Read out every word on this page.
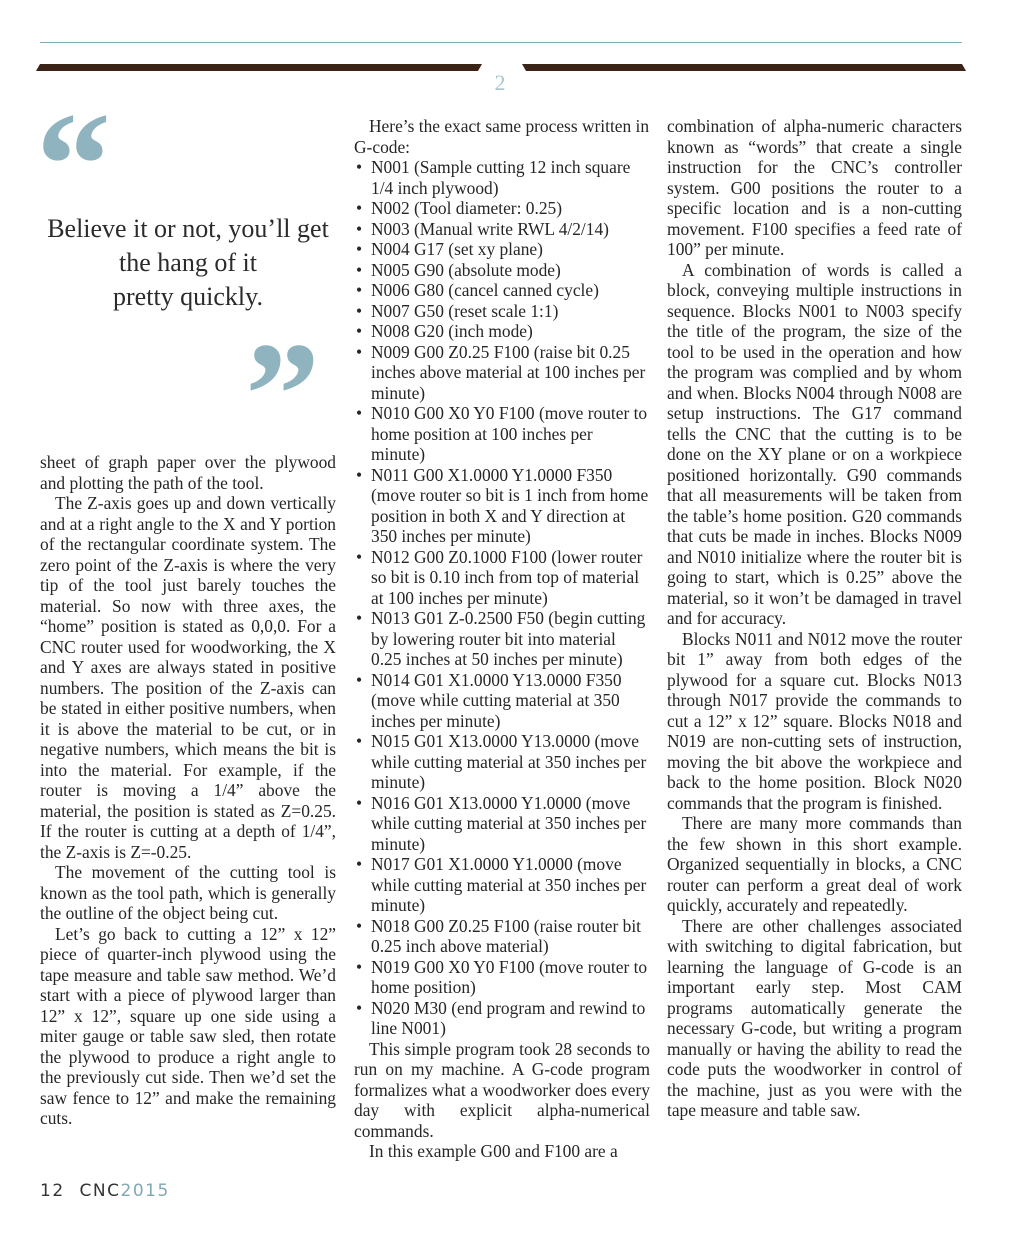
2
“
Believe it or not, you’ll get
the hang of it
pretty quickly.
”

sheet of graph paper over the plywood and plotting the path of the tool.

The Z-axis goes up and down vertically and at a right angle to the X and Y portion of the rectangular coordinate system. The zero point of the Z-axis is where the very tip of the tool just barely touches the material. So now with three axes, the “home” position is stated as 0,0,0. For a CNC router used for woodworking, the X and Y axes are always stated in positive numbers. The position of the Z-axis can be stated in either positive numbers, when it is above the material to be cut, or in negative numbers, which means the bit is into the material. For example, if the router is moving a 1/4” above the material, the position is stated as Z=0.25. If the router is cutting at a depth of 1/4”, the Z-axis is Z=-0.25.

The movement of the cutting tool is known as the tool path, which is generally the outline of the object being cut.

Let’s go back to cutting a 12” x 12” piece of quarter-inch plywood using the tape measure and table saw method. We’d start with a piece of plywood larger than 12” x 12”, square up one side using a miter gauge or table saw sled, then rotate the plywood to produce a right angle to the previously cut side. Then we’d set the saw fence to 12” and make the remaining cuts.

Here’s the exact same process written in G-code:

• N001 (Sample cutting 12 inch square 1/4 inch plywood)
• N002 (Tool diameter: 0.25)
• N003 (Manual write RWL 4/2/14)
• N004 G17 (set xy plane)
• N005 G90 (absolute mode)
• N006 G80 (cancel canned cycle)
• N007 G50 (reset scale 1:1)
• N008 G20 (inch mode)
• N009 G00 Z0.25 F100 (raise bit 0.25 inches above material at 100 inches per minute)
• N010 G00 X0 Y0 F100 (move router to home position at 100 inches per minute)
• N011 G00 X1.0000 Y1.0000 F350 (move router so bit is 1 inch from home position in both X and Y direction at 350 inches per minute)
• N012 G00 Z0.1000 F100 (lower router so bit is 0.10 inch from top of material at 100 inches per minute)
• N013 G01 Z-0.2500 F50 (begin cutting by lowering router bit into material 0.25 inches at 50 inches per minute)
• N014 G01 X1.0000 Y13.0000 F350 (move while cutting material at 350 inches per minute)
• N015 G01 X13.0000 Y13.0000 (move while cutting material at 350 inches per minute)
• N016 G01 X13.0000 Y1.0000 (move while cutting material at 350 inches per minute)
• N017 G01 X1.0000 Y1.0000 (move while cutting material at 350 inches per minute)
• N018 G00 Z0.25 F100 (raise router bit 0.25 inch above material)
• N019 G00 X0 Y0 F100 (move router to home position)
• N020 M30 (end program and rewind to line N001)

This simple program took 28 seconds to run on my machine. A G-code program formalizes what a woodworker does every day with explicit alpha-numerical commands.

In this example G00 and F100 are a

combination of alpha-numeric characters known as “words” that create a single instruction for the CNC’s controller system. G00 positions the router to a specific location and is a non-cutting movement. F100 specifies a feed rate of 100” per minute.

A combination of words is called a block, conveying multiple instructions in sequence. Blocks N001 to N003 specify the title of the program, the size of the tool to be used in the operation and how the program was complied and by whom and when. Blocks N004 through N008 are setup instructions. The G17 command tells the CNC that the cutting is to be done on the XY plane or on a workpiece positioned horizontally. G90 commands that all measurements will be taken from the table’s home position. G20 commands that cuts be made in inches. Blocks N009 and N010 initialize where the router bit is going to start, which is 0.25” above the material, so it won’t be damaged in travel and for accuracy.

Blocks N011 and N012 move the router bit 1” away from both edges of the plywood for a square cut. Blocks N013 through N017 provide the commands to cut a 12” x 12” square. Blocks N018 and N019 are non-cutting sets of instruction, moving the bit above the workpiece and back to the home position. Block N020 commands that the program is finished.

There are many more commands than the few shown in this short example. Organized sequentially in blocks, a CNC router can perform a great deal of work quickly, accurately and repeatedly.

There are other challenges associated with switching to digital fabrication, but learning the language of G-code is an important early step. Most CAM programs automatically generate the necessary G-code, but writing a program manually or having the ability to read the code puts the woodworker in control of the machine, just as you were with the tape measure and table saw.

12 CNC2015
